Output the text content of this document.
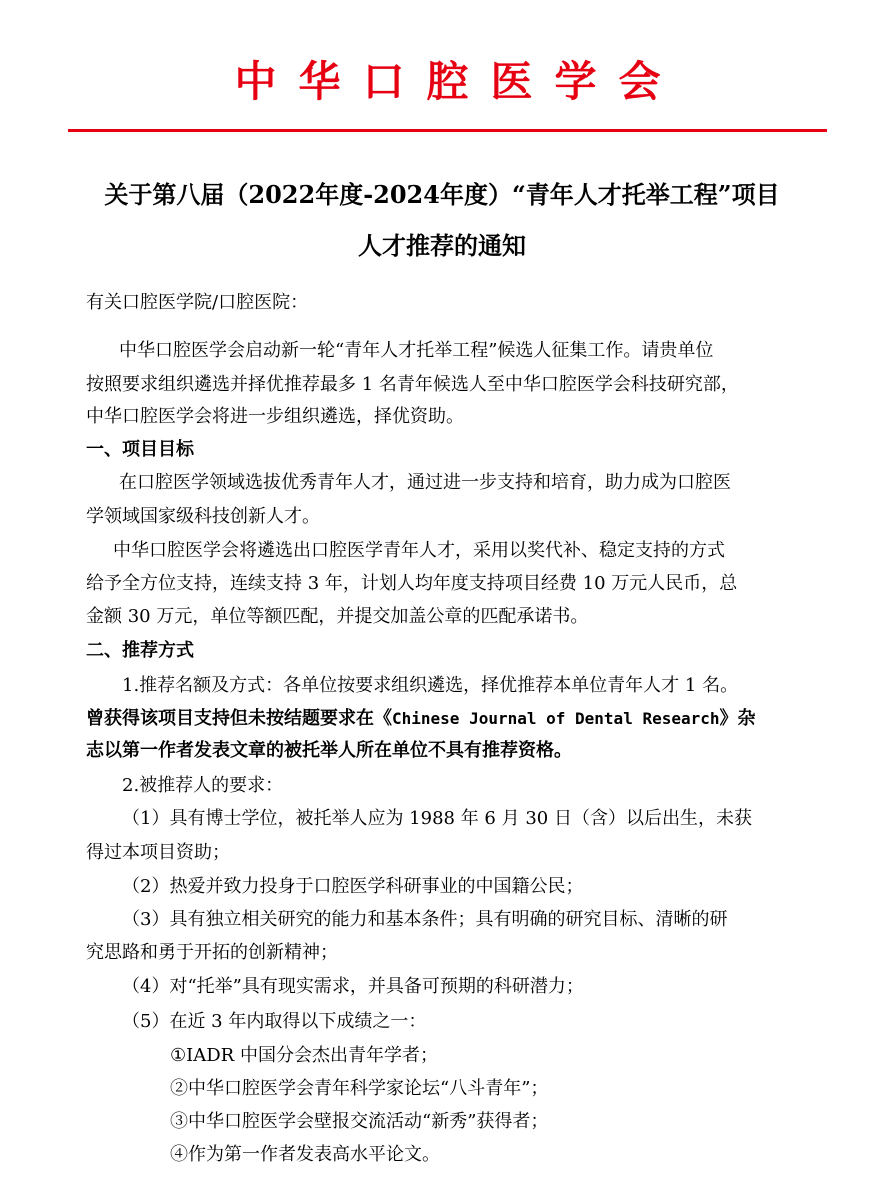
中华口腔医学会
关于第八届（2022年度-2024年度）“青年人才托举工程”项目
人才推荐的通知
有关口腔医学院/口腔医院：
中华口腔医学会启动新一轮“青年人才托举工程”候选人征集工作。请贵单位
按照要求组织遴选并择优推荐最多 1 名青年候选人至中华口腔医学会科技研究部，
中华口腔医学会将进一步组织遴选，择优资助。
一、项目目标
在口腔医学领域选拔优秀青年人才，通过进一步支持和培育，助力成为口腔医
学领域国家级科技创新人才。
中华口腔医学会将遴选出口腔医学青年人才，采用以奖代补、稳定支持的方式
给予全方位支持，连续支持 3 年，计划人均年度支持项目经费 10 万元人民币，总
金额 30 万元，单位等额匹配，并提交加盖公章的匹配承诺书。
二、推荐方式
1.推荐名额及方式：各单位按要求组织遴选，择优推荐本单位青年人才 1 名。
曾获得该项目支持但未按结题要求在《Chinese Journal of Dental Research》杂
志以第一作者发表文章的被托举人所在单位不具有推荐资格。
2.被推荐人的要求：
（1）具有博士学位，被托举人应为 1988 年 6 月 30 日（含）以后出生，未获
得过本项目资助；
（2）热爱并致力投身于口腔医学科研事业的中国籍公民；
（3）具有独立相关研究的能力和基本条件；具有明确的研究目标、清晰的研
究思路和勇于开拓的创新精神；
（4）对“托举”具有现实需求，并具备可预期的科研潜力；
（5）在近 3 年内取得以下成绩之一：
①IADR 中国分会杰出青年学者；
②中华口腔医学会青年科学家论坛“八斗青年”；
③中华口腔医学会壁报交流活动“新秀”获得者；
④作为第一作者发表高水平论文。
